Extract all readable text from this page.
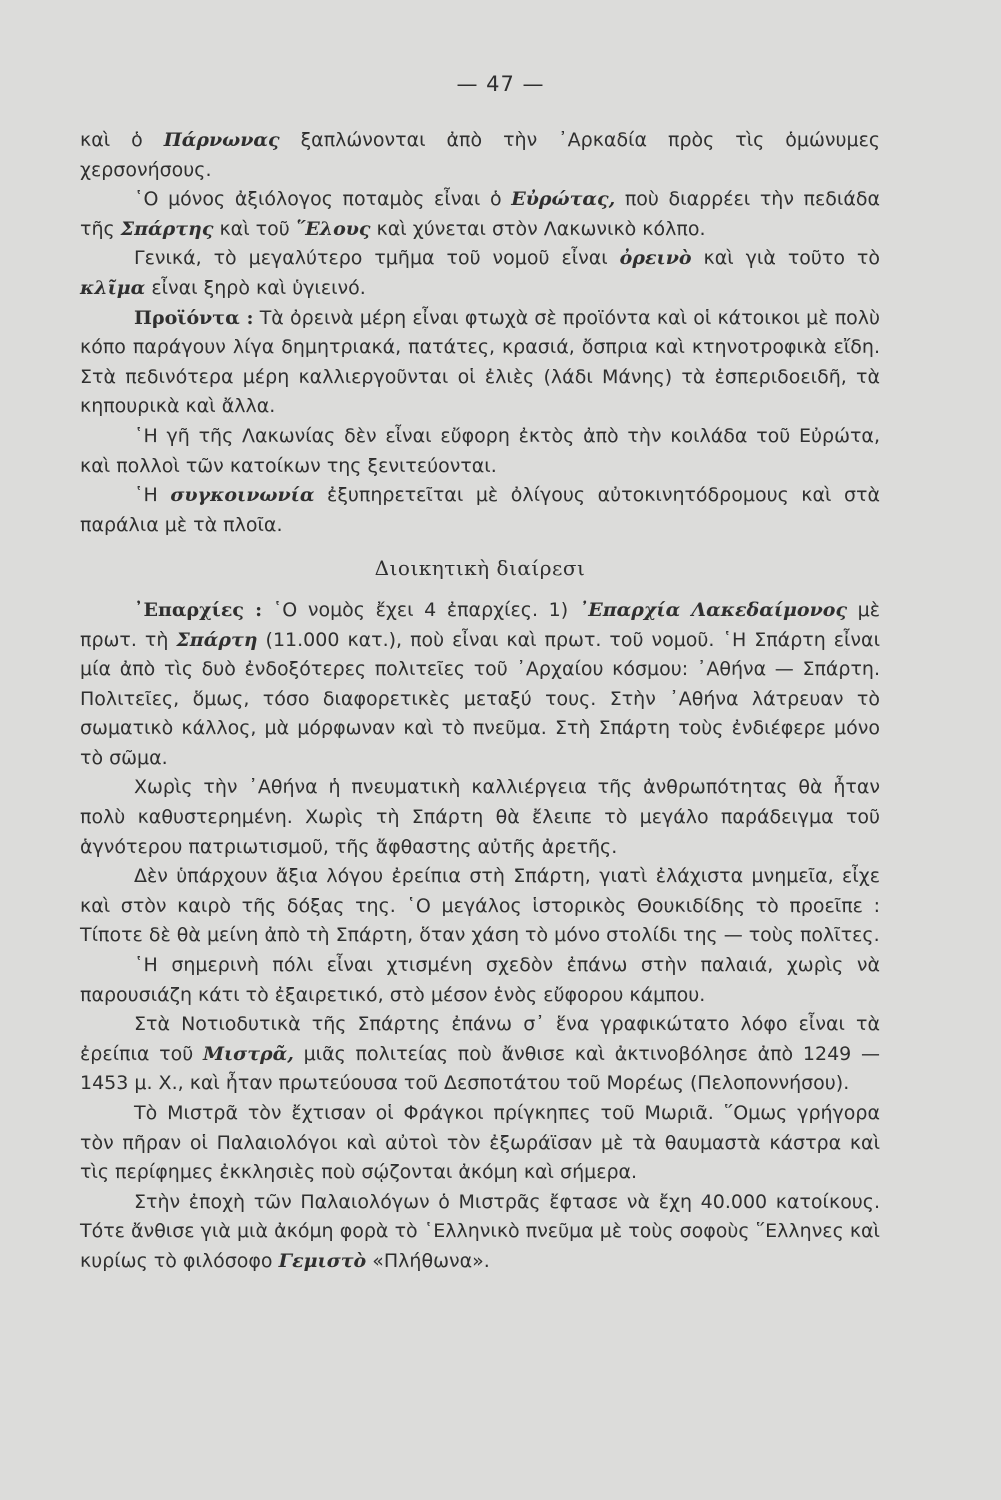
— 47 —

καὶ ὁ Πάρνωνας ξαπλώνονται ἀπὸ τὴν ᾿Αρκαδία πρὸς τὶς ὁμώνυμες χερσονήσους.

῾Ο μόνος ἀξιόλογος ποταμὸς εἶναι ὁ Εὐρώτας, ποὺ διαρρέει τὴν πεδιάδα τῆς Σπάρτης καὶ τοῦ ῞Ελους καὶ χύνεται στὸν Λακωνικὸ κόλπο.

Γενικά, τὸ μεγαλύτερο τμῆμα τοῦ νομοῦ εἶναι ὀρεινὸ καὶ γιὰ τοῦτο τὸ κλῖμα εἶναι ξηρὸ καὶ ὑγιεινό.

Προϊόντα : Τὰ ὀρεινὰ μέρη εἶναι φτωχὰ σὲ προϊόντα καὶ οἱ κάτοικοι μὲ πολὺ κόπο παράγουν λίγα δημητριακά, πατάτες, κρασιά, ὄσπρια καὶ κτηνοτροφικὰ εἴδη. Στὰ πεδινότερα μέρη καλλιεργοῦνται οἱ ἐλιὲς (λάδι Μάνης) τὰ ἐσπεριδοειδῆ, τὰ κηπουρικὰ καὶ ἄλλα.

῾Η γῆ τῆς Λακωνίας δὲν εἶναι εὔφορη ἐκτὸς ἀπὸ τὴν κοιλάδα τοῦ Εὐρώτα, καὶ πολλοὶ τῶν κατοίκων της ξενιτεύονται.

῾Η συγκοινωνία ἐξυπηρετεῖται μὲ ὀλίγους αὐτοκινητόδρομους καὶ στὰ παράλια μὲ τὰ πλοῖα.

Διοικητικὴ διαίρεσι

᾿Επαρχίες : ῾Ο νομὸς ἔχει 4 ἐπαρχίες. 1) ᾿Επαρχία Λακεδαίμονος μὲ πρωτ. τὴ Σπάρτη (11.000 κατ.), ποὺ εἶναι καὶ πρωτ. τοῦ νομοῦ. ῾Η Σπάρτη εἶναι μία ἀπὸ τὶς δυὸ ἐνδοξότερες πολιτεῖες τοῦ ᾿Αρχαίου κόσμου: ᾿Αθήνα — Σπάρτη. Πολιτεῖες, ὅμως, τόσο διαφορετικὲς μεταξύ τους. Στὴν ᾿Αθήνα λάτρευαν τὸ σωματικὸ κάλλος, μὰ μόρφωναν καὶ τὸ πνεῦμα. Στὴ Σπάρτη τοὺς ἐνδιέφερε μόνο τὸ σῶμα.

Χωρὶς τὴν ᾿Αθήνα ἡ πνευματικὴ καλλιέργεια τῆς ἀνθρωπότητας θὰ ἦταν πολὺ καθυστερημένη. Χωρὶς τὴ Σπάρτη θὰ ἔλειπε τὸ μεγάλο παράδειγμα τοῦ ἁγνότερου πατριωτισμοῦ, τῆς ἄφθαστης αὐτῆς ἀρετῆς.

Δὲν ὑπάρχουν ἄξια λόγου ἐρείπια στὴ Σπάρτη, γιατὶ ἐλάχιστα μνημεῖα, εἶχε καὶ στὸν καιρὸ τῆς δόξας της. ῾Ο μεγάλος ἱστορικὸς Θουκιδίδης τὸ προεῖπε : Τίποτε δὲ θὰ μείνη ἀπὸ τὴ Σπάρτη, ὅταν χάση τὸ μόνο στολίδι της — τοὺς πολῖτες.

῾Η σημερινὴ πόλι εἶναι χτισμένη σχεδὸν ἐπάνω στὴν παλαιά, χωρὶς νὰ παρουσιάζη κάτι τὸ ἐξαιρετικό, στὸ μέσον ἑνὸς εὔφορου κάμπου.

Στὰ Νοτιοδυτικὰ τῆς Σπάρτης ἐπάνω σ᾿ ἕνα γραφικώτατο λόφο εἶναι τὰ ἐρείπια τοῦ Μιστρᾶ, μιᾶς πολιτείας ποὺ ἄνθισε καὶ ἀκτινοβόλησε ἀπὸ 1249 — 1453 μ. Χ., καὶ ἦταν πρωτεύουσα τοῦ Δεσποτάτου τοῦ Μορέως (Πελοποννήσου).

Τὸ Μιστρᾶ τὸν ἔχτισαν οἱ Φράγκοι πρίγκηπες τοῦ Μωριᾶ. ῞Ομως γρήγορα τὸν πῆραν οἱ Παλαιολόγοι καὶ αὐτοὶ τὸν ἐξωράϊσαν μὲ τὰ θαυμαστὰ κάστρα καὶ τὶς περίφημες ἐκκλησιὲς ποὺ σῴζονται ἀκόμη καὶ σήμερα.

Στὴν ἐποχὴ τῶν Παλαιολόγων ὁ Μιστρᾶς ἔφτασε νὰ ἔχη 40.000 κατοίκους. Τότε ἄνθισε γιὰ μιὰ ἀκόμη φορὰ τὸ ῾Ελληνικὸ πνεῦμα μὲ τοὺς σοφοὺς ῞Ελληνες καὶ κυρίως τὸ φιλόσοφο Γεμιστὸ «Πλήθωνα».
